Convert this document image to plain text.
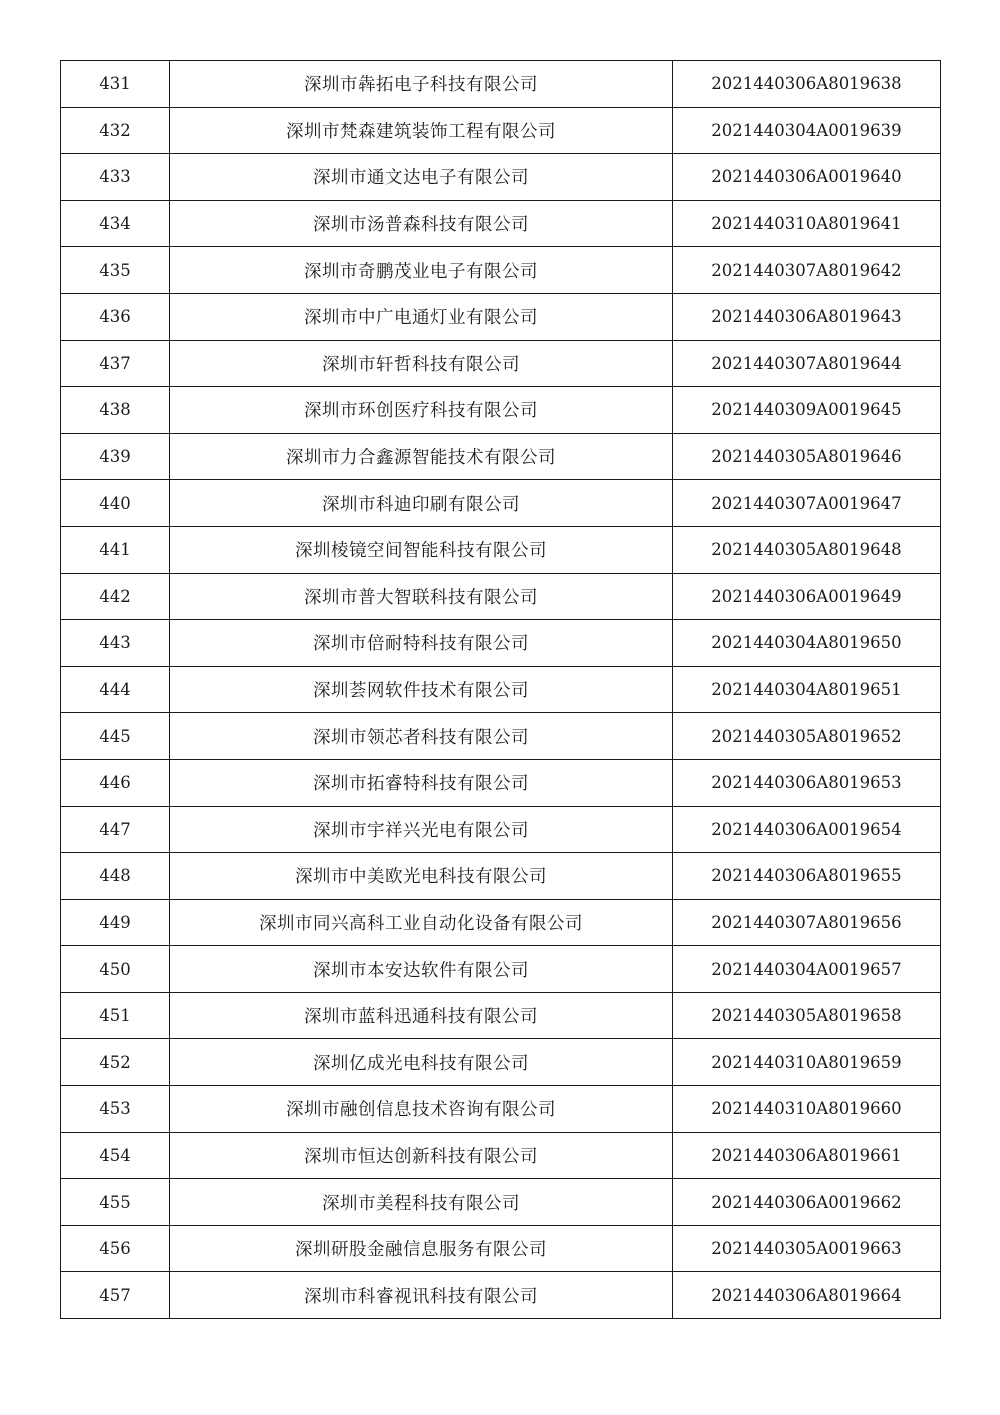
431	深圳市犇拓电子科技有限公司	2021440306A8019638
432	深圳市梵森建筑装饰工程有限公司	2021440304A0019639
433	深圳市通文达电子有限公司	2021440306A0019640
434	深圳市汤普森科技有限公司	2021440310A8019641
435	深圳市奇鹏茂业电子有限公司	2021440307A8019642
436	深圳市中广电通灯业有限公司	2021440306A8019643
437	深圳市轩哲科技有限公司	2021440307A8019644
438	深圳市环创医疗科技有限公司	2021440309A0019645
439	深圳市力合鑫源智能技术有限公司	2021440305A8019646
440	深圳市科迪印刷有限公司	2021440307A0019647
441	深圳棱镜空间智能科技有限公司	2021440305A8019648
442	深圳市普大智联科技有限公司	2021440306A0019649
443	深圳市倍耐特科技有限公司	2021440304A8019650
444	深圳荟网软件技术有限公司	2021440304A8019651
445	深圳市领芯者科技有限公司	2021440305A8019652
446	深圳市拓睿特科技有限公司	2021440306A8019653
447	深圳市宇祥兴光电有限公司	2021440306A0019654
448	深圳市中美欧光电科技有限公司	2021440306A8019655
449	深圳市同兴高科工业自动化设备有限公司	2021440307A8019656
450	深圳市本安达软件有限公司	2021440304A0019657
451	深圳市蓝科迅通科技有限公司	2021440305A8019658
452	深圳亿成光电科技有限公司	2021440310A8019659
453	深圳市融创信息技术咨询有限公司	2021440310A8019660
454	深圳市恒达创新科技有限公司	2021440306A8019661
455	深圳市美程科技有限公司	2021440306A0019662
456	深圳研股金融信息服务有限公司	2021440305A0019663
457	深圳市科睿视讯科技有限公司	2021440306A8019664
